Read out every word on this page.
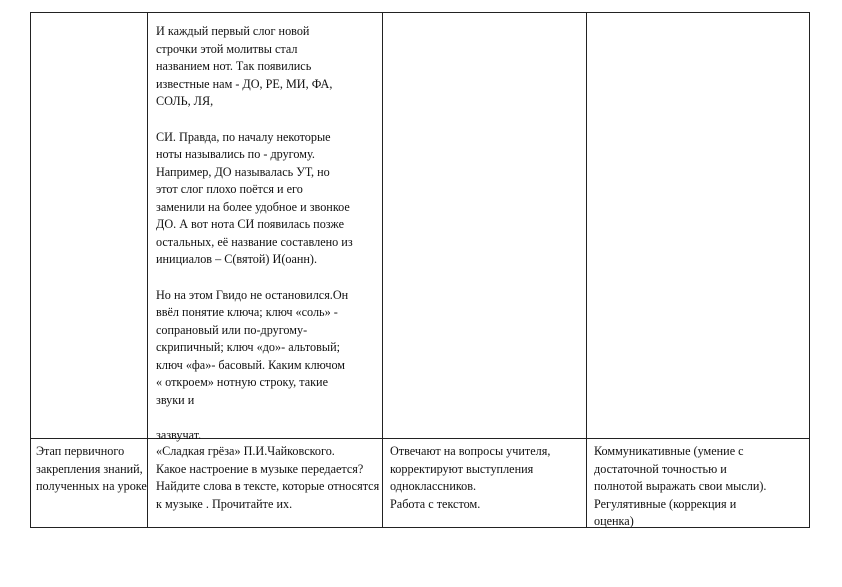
И каждый первый слог новой

строчки этой молитвы стал

названием нот. Так появились

известные нам - ДО, РЕ, МИ, ФА,

СОЛЬ, ЛЯ,

СИ. Правда, по началу некоторые

ноты назывались по - другому.

Например, ДО называлась УТ, но

этот слог плохо поётся и его

заменили на более удобное и звонкое

ДО. А вот нота СИ появилась позже

остальных, её название составлено из

инициалов – С(вятой) И(оанн).

Но на этом Гвидо не остановился.Он

ввёл понятие ключа; ключ «соль» -

сопрановый или по-другому-

скрипичный; ключ «до»- альтовый;

ключ «фа»- басовый. Каким ключом

« откроем» нотную строку, такие

звуки и

зазвучат.

Этап первичного

закрепления знаний,

полученных на уроке

«Сладкая грёза» П.И.Чайковского.

Какое настроение в музыке передается?

Найдите слова в тексте, которые относятся

к музыке . Прочитайте их.

Отвечают на вопросы учителя,

корректируют выступления

одноклассников.

Работа с текстом.

Коммуникативные (умение с

достаточной точностью и

полнотой выражать свои мысли).

Регулятивные (коррекция и

оценка)
